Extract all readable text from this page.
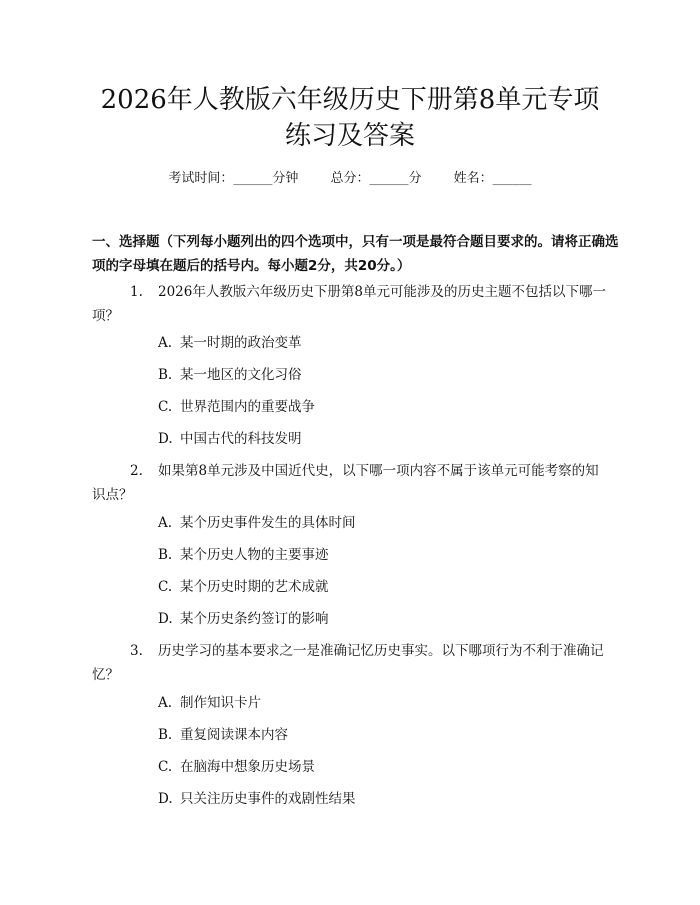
2026年人教版六年级历史下册第8单元专项
练习及答案
考试时间：______分钟 总分：______分 姓名：______
一、选择题（下列每小题列出的四个选项中，只有一项是最符合题目要求的。请将正确选项的字母填在题后的括号内。每小题2分，共20分。）
1. 2026年人教版六年级历史下册第8单元可能涉及的历史主题不包括以下哪一项？
A. 某一时期的政治变革
B. 某一地区的文化习俗
C. 世界范围内的重要战争
D. 中国古代的科技发明
2. 如果第8单元涉及中国近代史，以下哪一项内容不属于该单元可能考察的知识点？
A. 某个历史事件发生的具体时间
B. 某个历史人物的主要事迹
C. 某个历史时期的艺术成就
D. 某个历史条约签订的影响
3. 历史学习的基本要求之一是准确记忆历史事实。以下哪项行为不利于准确记忆？
A. 制作知识卡片
B. 重复阅读课本内容
C. 在脑海中想象历史场景
D. 只关注历史事件的戏剧性结果
